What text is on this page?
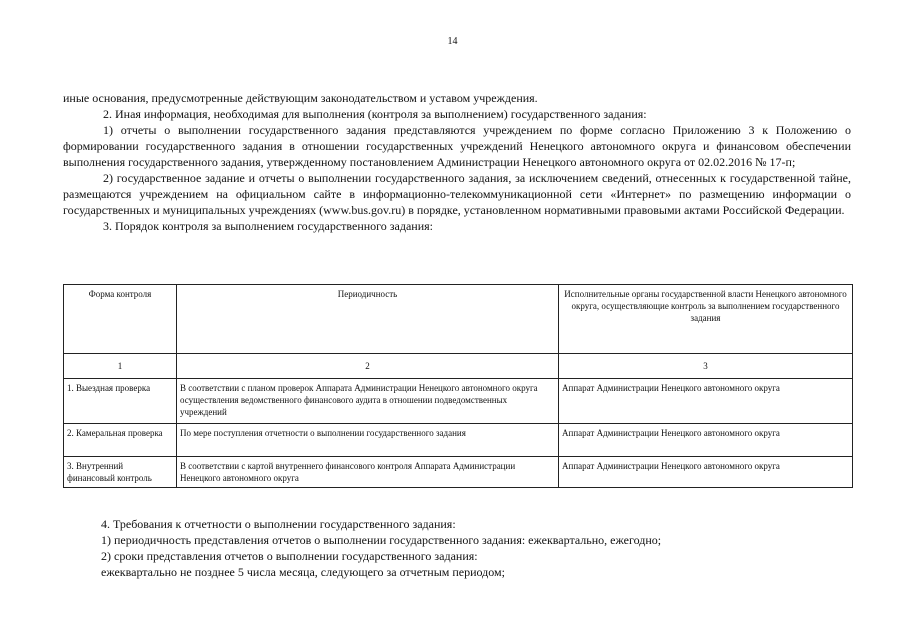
14

иные основания, предусмотренные действующим законодательством и уставом учреждения.

2. Иная информация, необходимая для выполнения (контроля за выполнением) государственного задания:

1) отчеты о выполнении государственного задания представляются учреждением по форме согласно Приложению 3 к Положению о формировании государственного задания в отношении государственных учреждений Ненецкого автономного округа и финансовом обеспечении выполнения государственного задания, утвержденному постановлением Администрации Ненецкого автономного округа от 02.02.2016 № 17-п;

2) государственное задание и отчеты о выполнении государственного задания, за исключением сведений, отнесенных к государственной тайне, размещаются учреждением на официальном сайте в информационно-телекоммуникационной сети «Интернет» по размещению информации о государственных и муниципальных учреждениях (www.bus.gov.ru) в порядке, установленном нормативными правовыми актами Российской Федерации.

3. Порядок контроля за выполнением государственного задания:

Форма контроля	Периодичность	Исполнительные органы государственной власти Ненецкого автономного округа, осуществляющие контроль за выполнением государственного задания
1	2	3
1. Выездная проверка	В соответствии с планом проверок Аппарата Администрации Ненецкого автономного округа осуществления ведомственного финансового аудита в отношении подведомственных учреждений	Аппарат Администрации Ненецкого автономного округа
2. Камеральная проверка	По мере поступления отчетности о выполнении государственного задания	Аппарат Администрации Ненецкого автономного округа
3. Внутренний финансовый контроль	В соответствии с картой внутреннего финансового контроля Аппарата Администрации Ненецкого автономного округа	Аппарат Администрации Ненецкого автономного округа

4. Требования к отчетности о выполнении государственного задания:

1) периодичность представления отчетов о выполнении государственного задания: ежеквартально, ежегодно;

2) сроки представления отчетов о выполнении государственного задания:

ежеквартально не позднее 5 числа месяца, следующего за отчетным периодом;
